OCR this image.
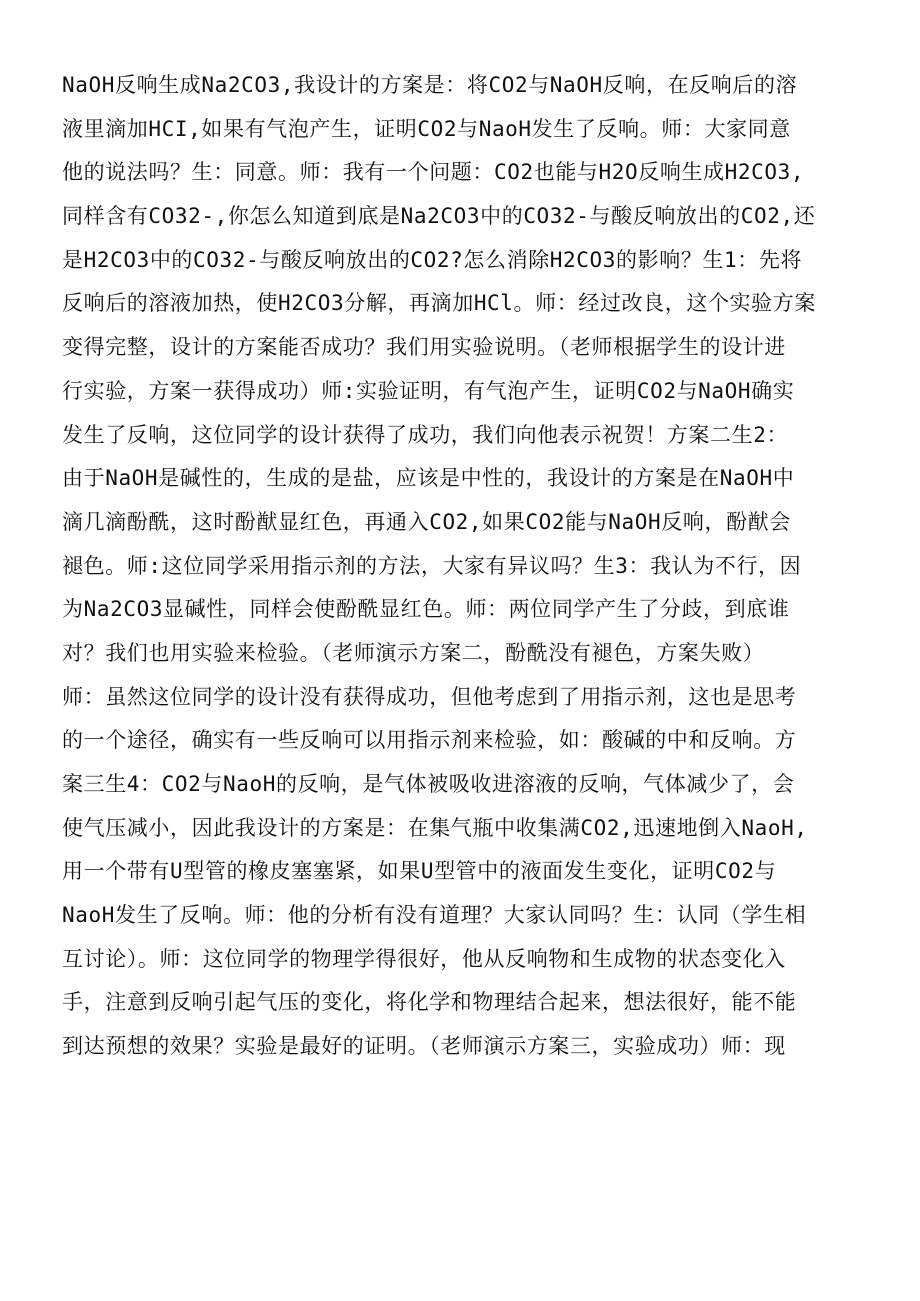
NaOH反响生成Na2CO3,我设计的方案是：将CO2与NaOH反响，在反响后的溶
液里滴加HCI,如果有气泡产生，证明CO2与NaoH发生了反响。师：大家同意
他的说法吗？生：同意。师：我有一个问题：CO2也能与H2O反响生成H2CO3,
同样含有CO32-,你怎么知道到底是Na2CO3中的CO32-与酸反响放出的CO2,还
是H2CO3中的CO32-与酸反响放出的CO2?怎么消除H2CO3的影响？生1：先将
反响后的溶液加热，使H2CO3分解，再滴加HCl。师：经过改良，这个实验方案
变得完整，设计的方案能否成功？我们用实验说明。（老师根据学生的设计进
行实验，方案一获得成功）师:实验证明，有气泡产生，证明CO2与NaOH确实
发生了反响，这位同学的设计获得了成功，我们向他表示祝贺！方案二生2：
由于NaOH是碱性的，生成的是盐，应该是中性的，我设计的方案是在NaOH中
滴几滴酚酰，这时酚猷显红色，再通入CO2,如果CO2能与NaOH反响，酚猷会
褪色。师:这位同学采用指示剂的方法，大家有异议吗？生3：我认为不行，因
为Na2CO3显碱性，同样会使酚酰显红色。师：两位同学产生了分歧，到底谁
对？我们也用实验来检验。（老师演示方案二，酚酰没有褪色，方案失败）
师：虽然这位同学的设计没有获得成功，但他考虑到了用指示剂，这也是思考
的一个途径，确实有一些反响可以用指示剂来检验，如：酸碱的中和反响。方
案三生4：CO2与NaoH的反响，是气体被吸收进溶液的反响，气体减少了，会
使气压减小，因此我设计的方案是：在集气瓶中收集满CO2,迅速地倒入NaoH,
用一个带有U型管的橡皮塞塞紧，如果U型管中的液面发生变化，证明CO2与
NaoH发生了反响。师：他的分析有没有道理？大家认同吗？生：认同（学生相
互讨论）。师：这位同学的物理学得很好，他从反响物和生成物的状态变化入
手，注意到反响引起气压的变化，将化学和物理结合起来，想法很好，能不能
到达预想的效果？实验是最好的证明。（老师演示方案三，实验成功）师：现
